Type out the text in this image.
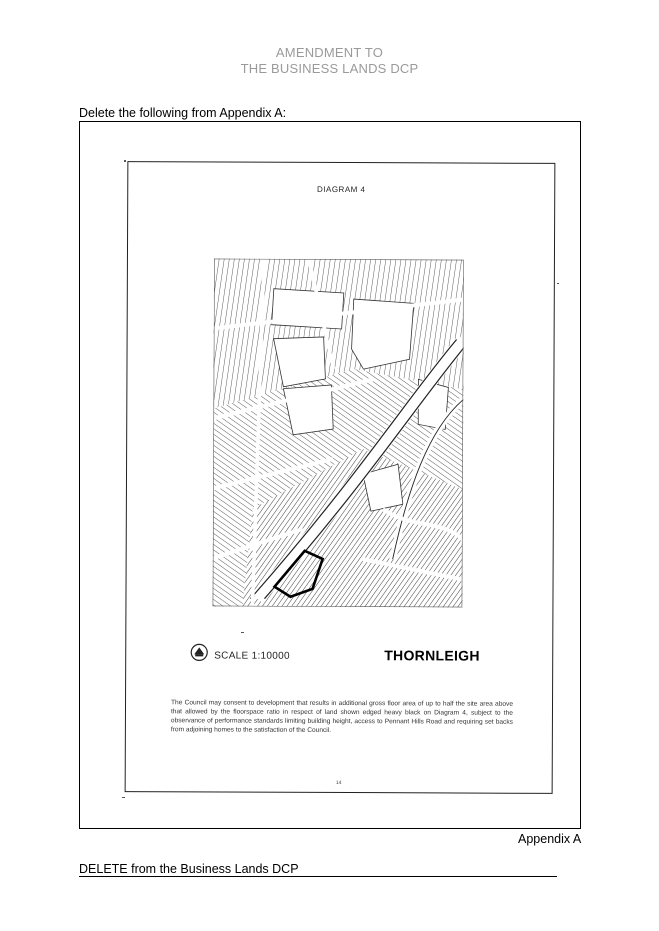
AMENDMENT TO
THE BUSINESS LANDS DCP
Delete the following from Appendix A:
DIAGRAM 4
SCALE 1:10000	THORNLEIGH
The Council may consent to development that results in additional gross floor area of up to half the site area above that allowed by the floorspace ratio in respect of land shown edged heavy black on Diagram 4, subject to the observance of performance standards limiting building height, access to Pennant Hills Road and requiring set backs from adjoining homes to the satisfaction of the Council.
14
Appendix A
DELETE from the Business Lands DCP
